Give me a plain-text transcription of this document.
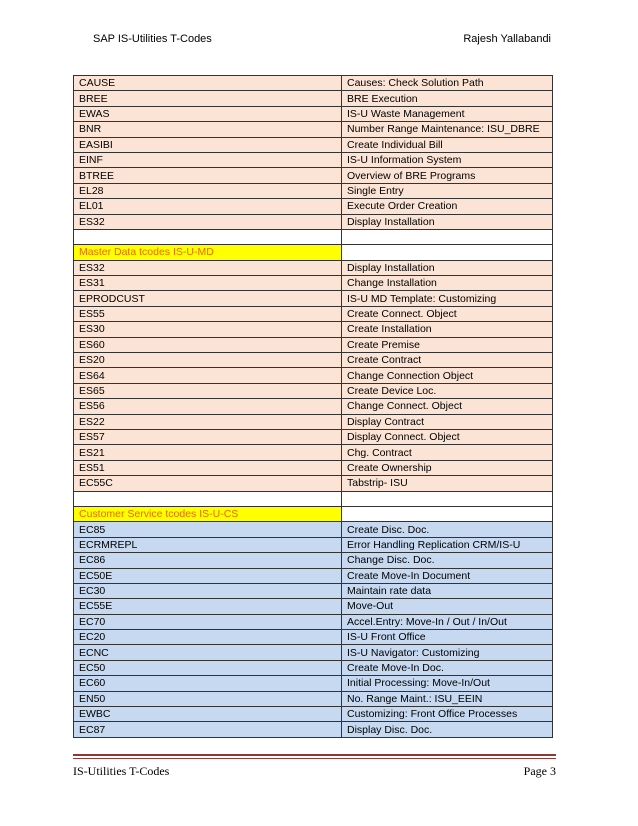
SAP IS-Utilities T-Codes	Rajesh Yallabandi
CAUSE	Causes: Check Solution Path
BREE	BRE Execution
EWAS	IS-U Waste Management
BNR	Number Range Maintenance: ISU_DBRE
EASIBI	Create Individual Bill
EINF	IS-U Information System
BTREE	Overview of BRE Programs
EL28	Single Entry
EL01	Execute Order Creation
ES32	Display Installation

Master Data tcodes IS-U-MD	
ES32	Display Installation
ES31	Change Installation
EPRODCUST	IS-U MD Template: Customizing
ES55	Create Connect. Object
ES30	Create Installation
ES60	Create Premise
ES20	Create Contract
ES64	Change Connection Object
ES65	Create Device Loc.
ES56	Change Connect. Object
ES22	Display Contract
ES57	Display Connect. Object
ES21	Chg. Contract
ES51	Create Ownership
EC55C	Tabstrip- ISU

Customer Service tcodes IS-U-CS	
EC85	Create Disc. Doc.
ECRMREPL	Error Handling Replication CRM/IS-U
EC86	Change Disc. Doc.
EC50E	Create Move-In Document
EC30	Maintain rate data
EC55E	Move-Out
EC70	Accel.Entry: Move-In / Out / In/Out
EC20	IS-U Front Office
ECNC	IS-U Navigator: Customizing
EC50	Create Move-In Doc.
EC60	Initial Processing: Move-In/Out
EN50	No. Range Maint.: ISU_EEIN
EWBC	Customizing: Front Office Processes
EC87	Display Disc. Doc.
IS-Utilities T-Codes	Page 3
